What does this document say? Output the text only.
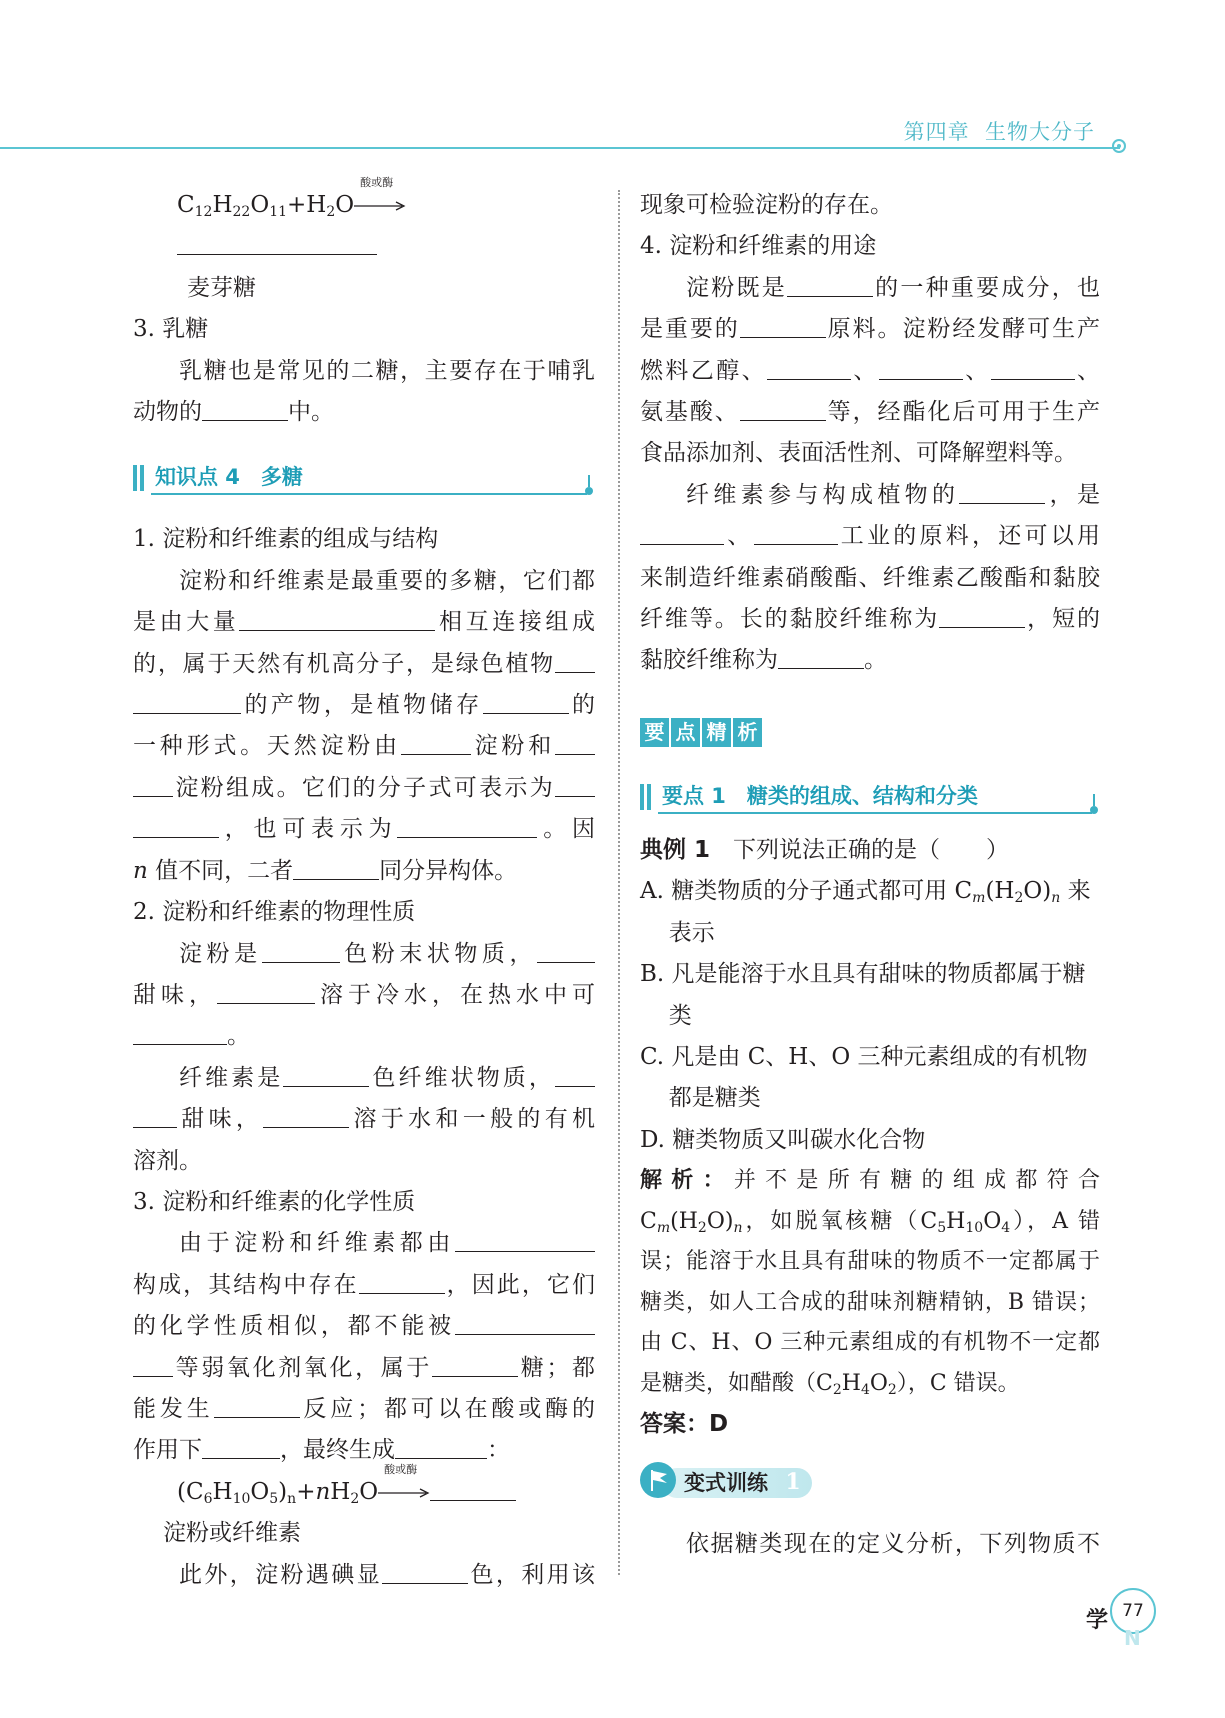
第四章 生物大分子

$C_{12}H_{22}O_{11}+H_2O$
酸或酶

麦芽糖

3. 乳糖

乳糖也是常见的二糖，主要存在于哺乳

动物的	中。

知识点 4　多糖

1. 淀粉和纤维素的组成与结构

淀粉和纤维素是最重要的多糖，它们都

是由大量	相互连接组成

的，属于天然有机高分子，是绿色植物

的产物，是植物储存	的

一种形式。天然淀粉由	淀粉和

淀粉组成。它们的分子式可表示为

，也可表示为	。因

n 值不同，二者	同分异构体。

2. 淀粉和纤维素的物理性质

淀粉是	色粉末状物质，

甜味，	溶于冷水，在热水中可

。

纤维素是	色纤维状物质，

甜味，	溶于水和一般的有机

溶剂。

3. 淀粉和纤维素的化学性质

由于淀粉和纤维素都由

构成，其结构中存在	，因此，它们

的化学性质相似，都不能被

等弱氧化剂氧化，属于	糖；都

能发生	反应；都可以在酸或酶的

作用下	，最终生成	：

$(C_6H_{10}O_5)_n+nH_2O$
酸或酶

淀粉或纤维素

此外，淀粉遇碘显	色，利用该

现象可检验淀粉的存在。

4. 淀粉和纤维素的用途

淀粉既是	的一种重要成分，也

是重要的	原料。淀粉经发酵可生产

燃料乙醇、	、	、	、

氨基酸、	等，经酯化后可用于生产

食品添加剂、表面活性剂、可降解塑料等。

纤维素参与构成植物的	，是

、	工业的原料，还可以用

来制造纤维素硝酸酯、纤维素乙酸酯和黏胶

纤维等。长的黏胶纤维称为	，短的

黏胶纤维称为	。

要 点 精 析
要点 1　糖类的组成、结构和分类

典例 1　下列说法正确的是（　　）

A. 糖类物质的分子通式都可用 $C_m(H_2O)_n$ 来表示

B. 凡是能溶于水且具有甜味的物质都属于糖类

C. 凡是由 C、H、O 三种元素组成的有机物都是糖类

D. 糖类物质又叫碳水化合物

解析：并不是所有糖的组成都符合 $C_m(H_2O)_n$，如脱氧核糖$(C_5H_{10}O_4)$，A 错误；能溶于水且具有甜味的物质不一定都属于糖类，如人工合成的甜味剂糖精钠，B 错误；由 C、H、O 三种元素组成的有机物不一定都是糖类，如醋酸$(C_2H_4O_2)$，C 错误。

答案：D

变式训练 1

依据糖类现在的定义分析，下列物质不

学 77
N
